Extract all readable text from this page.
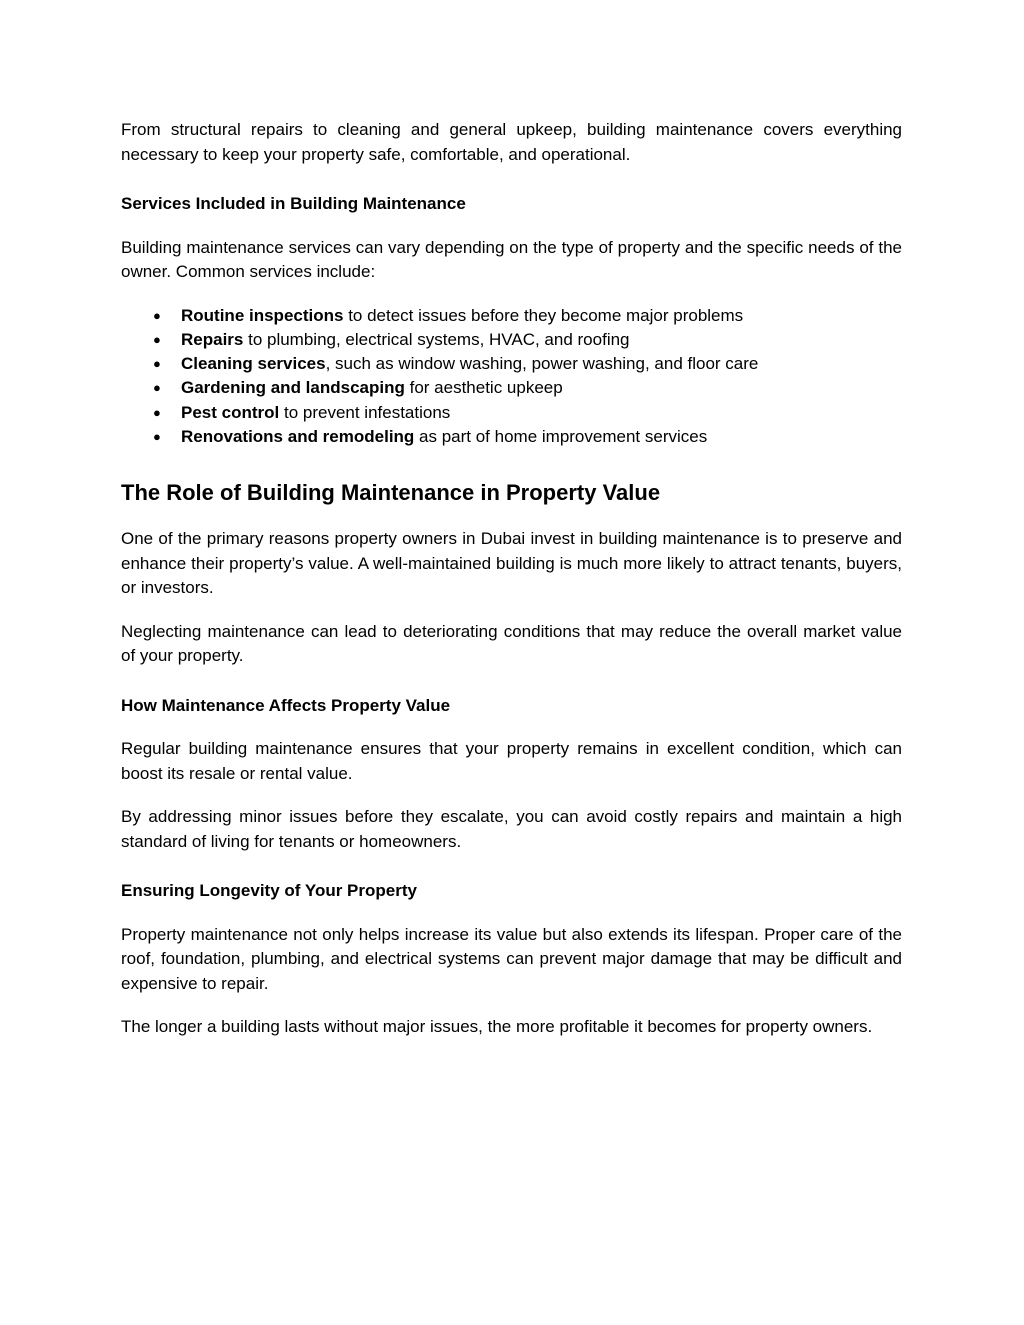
From structural repairs to cleaning and general upkeep, building maintenance covers everything necessary to keep your property safe, comfortable, and operational.

Services Included in Building Maintenance

Building maintenance services can vary depending on the type of property and the specific needs of the owner. Common services include:

● Routine inspections to detect issues before they become major problems
● Repairs to plumbing, electrical systems, HVAC, and roofing
● Cleaning services, such as window washing, power washing, and floor care
● Gardening and landscaping for aesthetic upkeep
● Pest control to prevent infestations
● Renovations and remodeling as part of home improvement services
The Role of Building Maintenance in Property Value

One of the primary reasons property owners in Dubai invest in building maintenance is to preserve and enhance their property’s value. A well-maintained building is much more likely to attract tenants, buyers, or investors.

Neglecting maintenance can lead to deteriorating conditions that may reduce the overall market value of your property.

How Maintenance Affects Property Value

Regular building maintenance ensures that your property remains in excellent condition, which can boost its resale or rental value.

By addressing minor issues before they escalate, you can avoid costly repairs and maintain a high standard of living for tenants or homeowners.

Ensuring Longevity of Your Property

Property maintenance not only helps increase its value but also extends its lifespan. Proper care of the roof, foundation, plumbing, and electrical systems can prevent major damage that may be difficult and expensive to repair.

The longer a building lasts without major issues, the more profitable it becomes for property owners.
